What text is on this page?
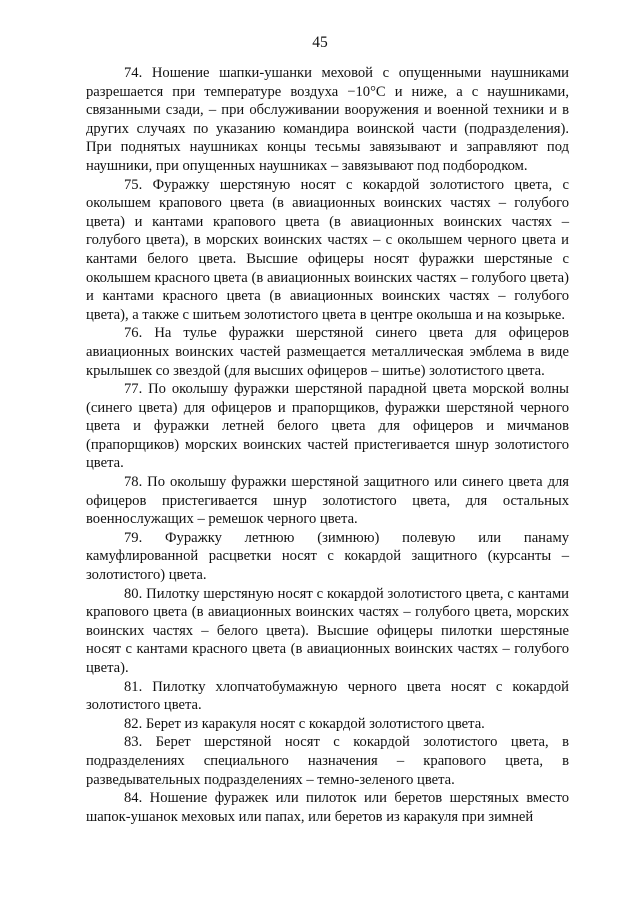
45

74. Ношение шапки-ушанки меховой с опущенными наушниками разрешается при температуре воздуха −10°С и ниже, а с наушниками, связанными сзади, – при обслуживании вооружения и военной техники и в других случаях по указанию командира воинской части (подразделения). При поднятых наушниках концы тесьмы завязывают и заправляют под наушники, при опущенных наушниках – завязывают под подбородком.

75. Фуражку шерстяную носят с кокардой золотистого цвета, с околышем крапового цвета (в авиационных воинских частях – голубого цвета) и кантами крапового цвета (в авиационных воинских частях – голубого цвета), в морских воинских частях – с околышем черного цвета и кантами белого цвета. Высшие офицеры носят фуражки шерстяные с околышем красного цвета (в авиационных воинских частях – голубого цвета) и кантами красного цвета (в авиационных воинских частях – голубого цвета), а также с шитьем золотистого цвета в центре околыша и на козырьке.

76. На тулье фуражки шерстяной синего цвета для офицеров авиационных воинских частей размещается металлическая эмблема в виде крылышек со звездой (для высших офицеров – шитье) золотистого цвета.

77. По околышу фуражки шерстяной парадной цвета морской волны (синего цвета) для офицеров и прапорщиков, фуражки шерстяной черного цвета и фуражки летней белого цвета для офицеров и мичманов (прапорщиков) морских воинских частей пристегивается шнур золотистого цвета.

78. По околышу фуражки шерстяной защитного или синего цвета для офицеров пристегивается шнур золотистого цвета, для остальных военнослужащих – ремешок черного цвета.

79. Фуражку летнюю (зимнюю) полевую или панаму камуфлированной расцветки носят с кокардой защитного (курсанты – золотистого) цвета.

80. Пилотку шерстяную носят с кокардой золотистого цвета, с кантами крапового цвета (в авиационных воинских частях – голубого цвета, морских воинских частях – белого цвета). Высшие офицеры пилотки шерстяные носят с кантами красного цвета (в авиационных воинских частях – голубого цвета).

81. Пилотку хлопчатобумажную черного цвета носят с кокардой золотистого цвета.

82. Берет из каракуля носят с кокардой золотистого цвета.

83. Берет шерстяной носят с кокардой золотистого цвета, в подразделениях специального назначения – крапового цвета, в разведывательных подразделениях – темно-зеленого цвета.

84. Ношение фуражек или пилоток или беретов шерстяных вместо шапок-ушанок меховых или папах, или беретов из каракуля при зимней
